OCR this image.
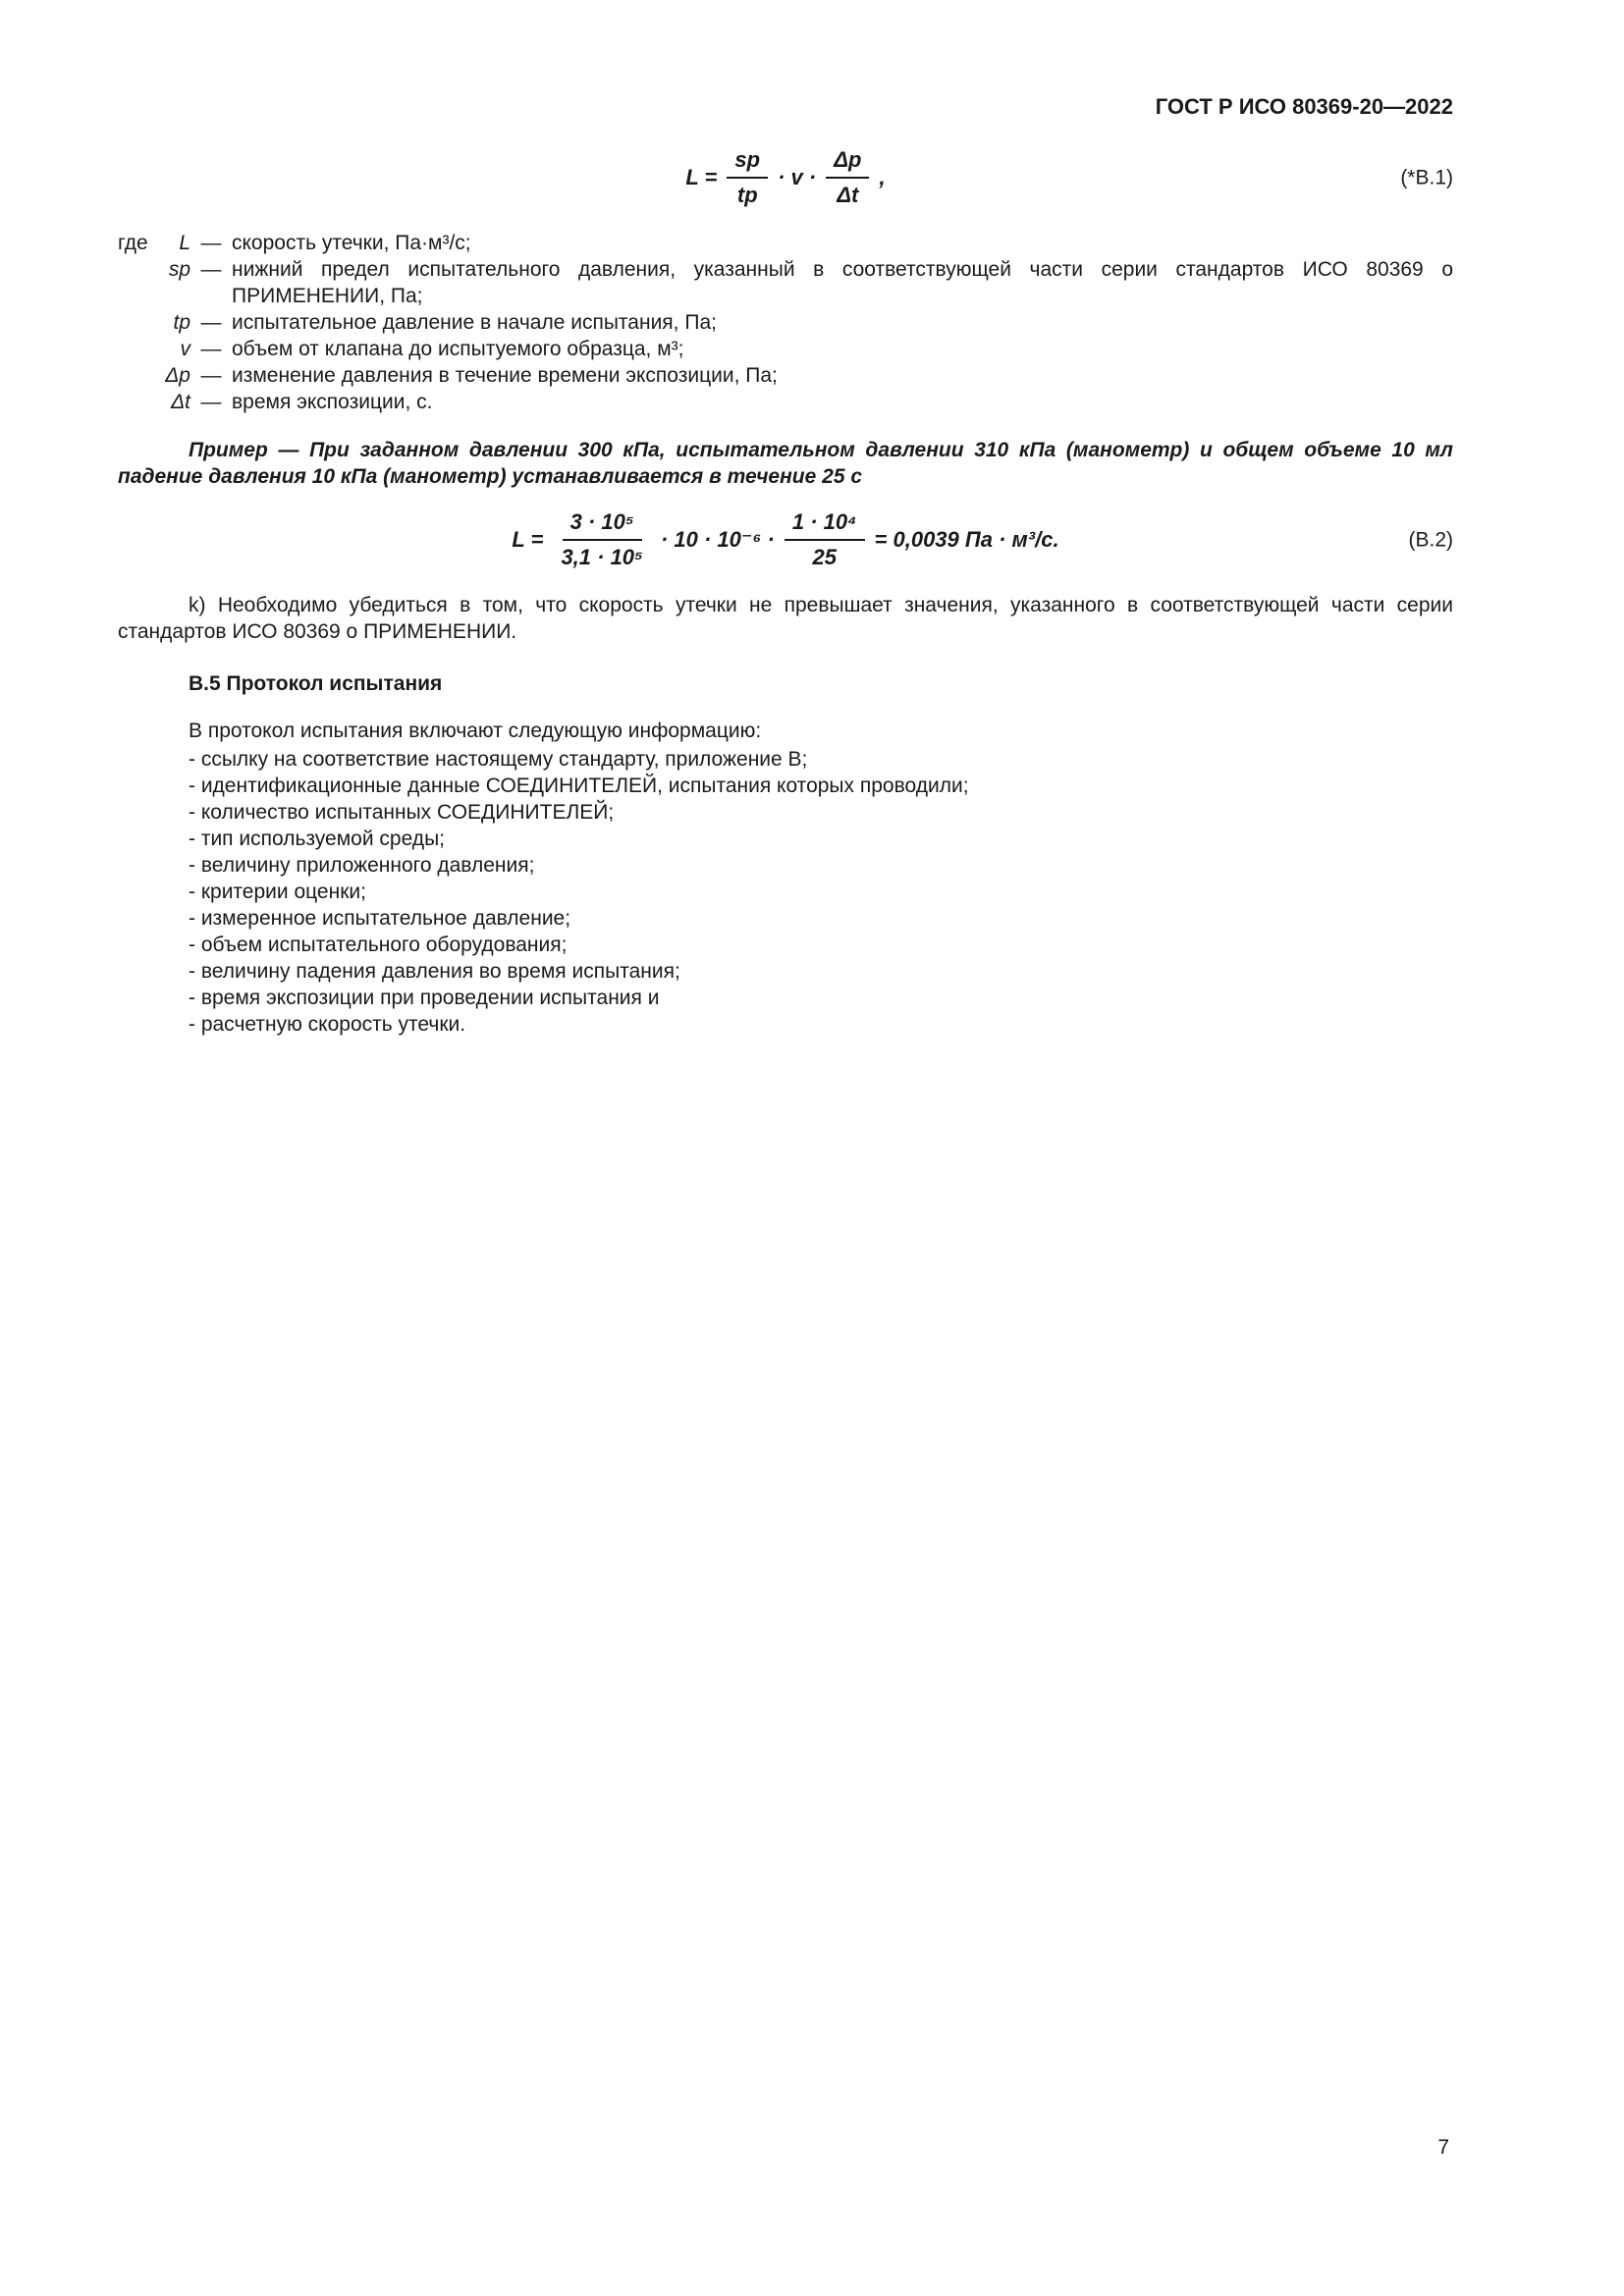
ГОСТ Р ИСО 80369-20—2022
$L = \frac{sp}{tp} \cdot v \cdot \frac{\Delta p}{\Delta t}$ ,	(*В.1)
где L — скорость утечки, Па·м³/с;
sp — нижний предел испытательного давления, указанный в соответствующей части серии стандартов ИСО 80369 о ПРИМЕНЕНИИ, Па;
tp — испытательное давление в начале испытания, Па;
v — объем от клапана до испытуемого образца, м³;
Δp — изменение давления в течение времени экспозиции, Па;
Δt — время экспозиции, с.

Пример — При заданном давлении 300 кПа, испытательном давлении 310 кПа (манометр) и общем объеме 10 мл падение давления 10 кПа (манометр) устанавливается в течение 25 с

$L = \frac{\text{3 · 10⁵}}{\text{3,1 · 10⁵}} \cdot 10 \cdot 10^{-6} \cdot \frac{\text{1 · 10⁴}}{25} = 0,0039$ Па · м³/с.	(В.2)

k) Необходимо убедиться в том, что скорость утечки не превышает значения, указанного в соответствующей части серии стандартов ИСО 80369 о ПРИМЕНЕНИИ.

В.5 Протокол испытания

В протокол испытания включают следующую информацию:

- ссылку на соответствие настоящему стандарту, приложение В;
- идентификационные данные СОЕДИНИТЕЛЕЙ, испытания которых проводили;
- количество испытанных СОЕДИНИТЕЛЕЙ;
- тип используемой среды;
- величину приложенного давления;
- критерии оценки;
- измеренное испытательное давление;
- объем испытательного оборудования;
- величину падения давления во время испытания;
- время экспозиции при проведении испытания и
- расчетную скорость утечки.
7
